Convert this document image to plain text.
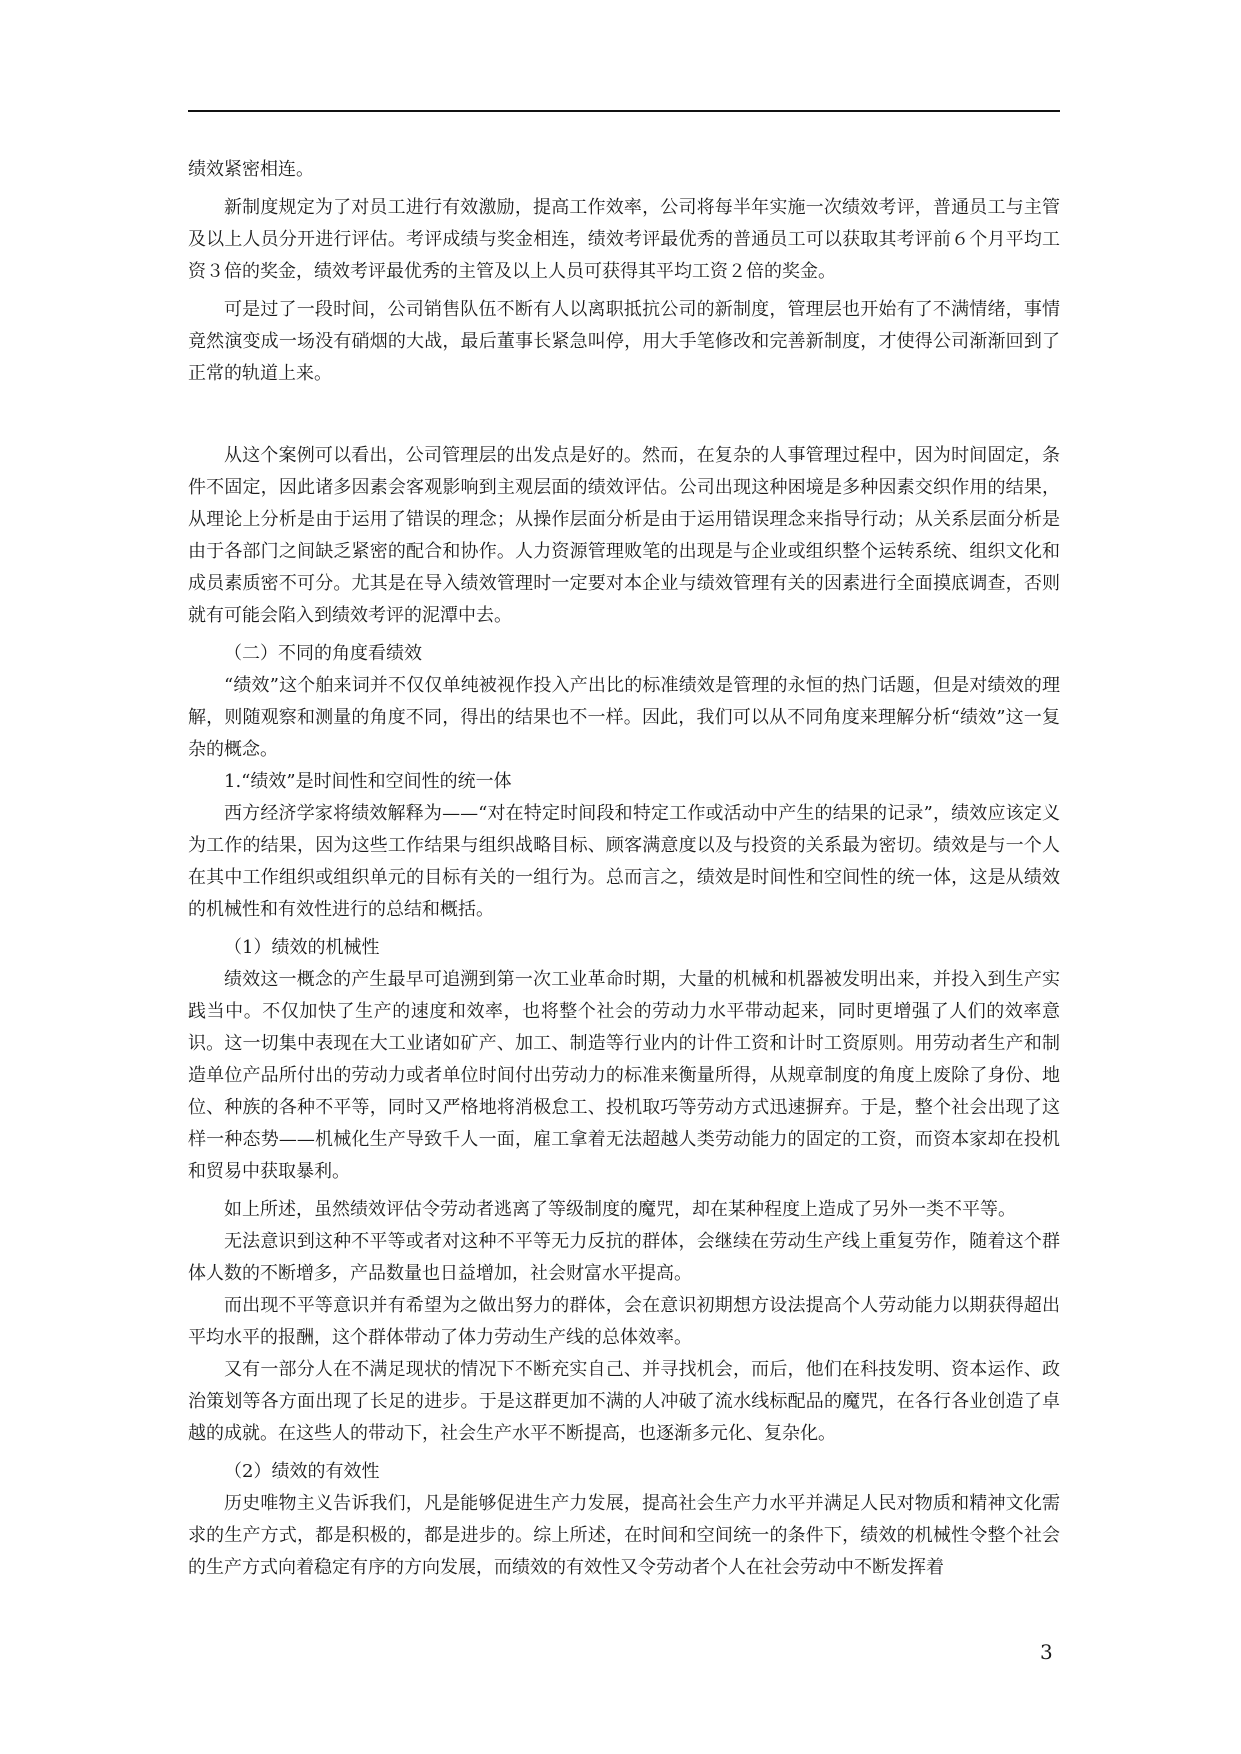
绩效紧密相连。

新制度规定为了对员工进行有效激励，提高工作效率，公司将每半年实施一次绩效考评，普通员工与主管及以上人员分开进行评估。考评成绩与奖金相连，绩效考评最优秀的普通员工可以获取其考评前６个月平均工资３倍的奖金，绩效考评最优秀的主管及以上人员可获得其平均工资２倍的奖金。

可是过了一段时间，公司销售队伍不断有人以离职抵抗公司的新制度，管理层也开始有了不满情绪，事情竟然演变成一场没有硝烟的大战，最后董事长紧急叫停，用大手笔修改和完善新制度，才使得公司渐渐回到了正常的轨道上来。

从这个案例可以看出，公司管理层的出发点是好的。然而，在复杂的人事管理过程中，因为时间固定，条件不固定，因此诸多因素会客观影响到主观层面的绩效评估。公司出现这种困境是多种因素交织作用的结果，从理论上分析是由于运用了错误的理念；从操作层面分析是由于运用错误理念来指导行动；从关系层面分析是由于各部门之间缺乏紧密的配合和协作。人力资源管理败笔的出现是与企业或组织整个运转系统、组织文化和成员素质密不可分。尤其是在导入绩效管理时一定要对本企业与绩效管理有关的因素进行全面摸底调查，否则就有可能会陷入到绩效考评的泥潭中去。

（二）不同的角度看绩效

“绩效”这个舶来词并不仅仅单纯被视作投入产出比的标准绩效是管理的永恒的热门话题，但是对绩效的理解，则随观察和测量的角度不同，得出的结果也不一样。因此，我们可以从不同角度来理解分析“绩效”这一复杂的概念。

1.“绩效”是时间性和空间性的统一体

西方经济学家将绩效解释为——“对在特定时间段和特定工作或活动中产生的结果的记录”，绩效应该定义为工作的结果，因为这些工作结果与组织战略目标、顾客满意度以及与投资的关系最为密切。绩效是与一个人在其中工作组织或组织单元的目标有关的一组行为。总而言之，绩效是时间性和空间性的统一体，这是从绩效的机械性和有效性进行的总结和概括。

（1）绩效的机械性

绩效这一概念的产生最早可追溯到第一次工业革命时期，大量的机械和机器被发明出来，并投入到生产实践当中。不仅加快了生产的速度和效率，也将整个社会的劳动力水平带动起来，同时更增强了人们的效率意识。这一切集中表现在大工业诸如矿产、加工、制造等行业内的计件工资和计时工资原则。用劳动者生产和制造单位产品所付出的劳动力或者单位时间付出劳动力的标准来衡量所得，从规章制度的角度上废除了身份、地位、种族的各种不平等，同时又严格地将消极怠工、投机取巧等劳动方式迅速摒弃。于是，整个社会出现了这样一种态势——机械化生产导致千人一面，雇工拿着无法超越人类劳动能力的固定的工资，而资本家却在投机和贸易中获取暴利。

如上所述，虽然绩效评估令劳动者逃离了等级制度的魔咒，却在某种程度上造成了另外一类不平等。

无法意识到这种不平等或者对这种不平等无力反抗的群体，会继续在劳动生产线上重复劳作，随着这个群体人数的不断增多，产品数量也日益增加，社会财富水平提高。

而出现不平等意识并有希望为之做出努力的群体，会在意识初期想方设法提高个人劳动能力以期获得超出平均水平的报酬，这个群体带动了体力劳动生产线的总体效率。

又有一部分人在不满足现状的情况下不断充实自己、并寻找机会，而后，他们在科技发明、资本运作、政治策划等各方面出现了长足的进步。于是这群更加不满的人冲破了流水线标配品的魔咒，在各行各业创造了卓越的成就。在这些人的带动下，社会生产水平不断提高，也逐渐多元化、复杂化。

（2）绩效的有效性

历史唯物主义告诉我们，凡是能够促进生产力发展，提高社会生产力水平并满足人民对物质和精神文化需求的生产方式，都是积极的，都是进步的。综上所述，在时间和空间统一的条件下，绩效的机械性令整个社会的生产方式向着稳定有序的方向发展，而绩效的有效性又令劳动者个人在社会劳动中不断发挥着

3
